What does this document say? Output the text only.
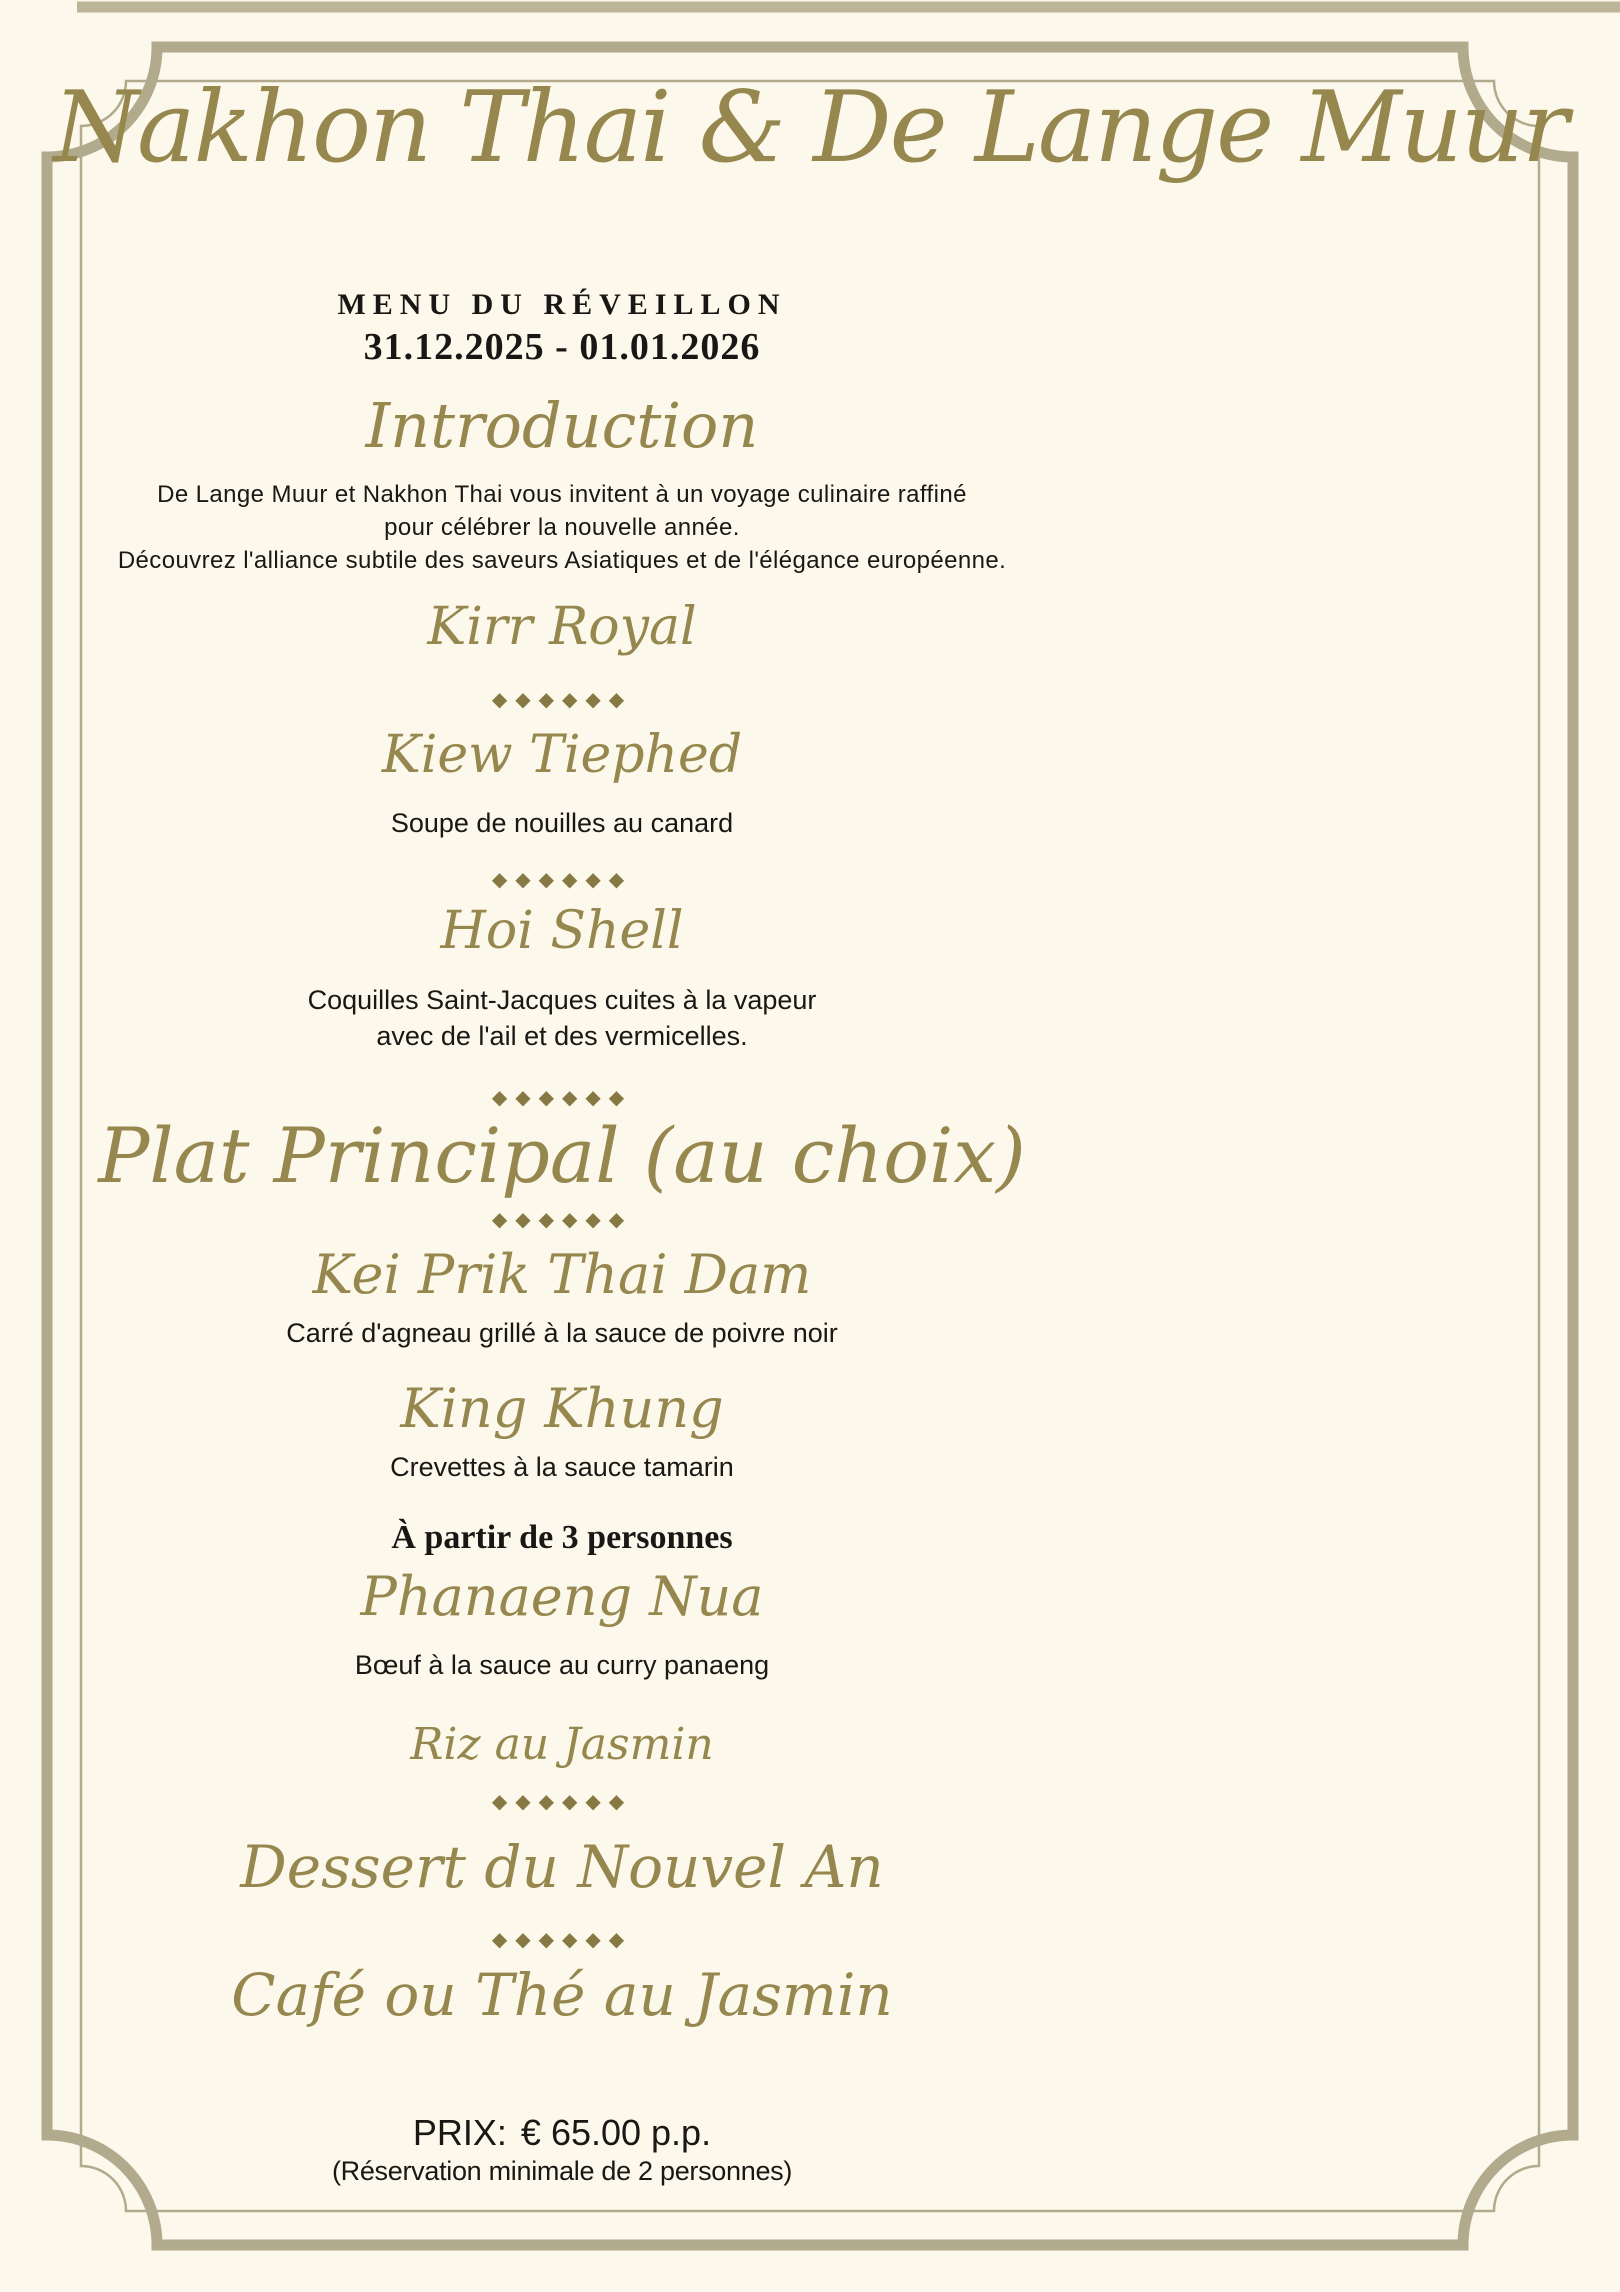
Nakhon Thai & De Lange Muur
MENU DU RÉVEILLON
31.12.2025 - 01.01.2026
Introduction
De Lange Muur et Nakhon Thai vous invitent à un voyage culinaire raffiné
pour célébrer la nouvelle année.
Découvrez l'alliance subtile des saveurs Asiatiques et de l'élégance européenne.
Kirr Royal
◆◆◆◆◆◆
Kiew Tiephed
Soupe de nouilles au canard
◆◆◆◆◆◆
Hoi Shell
Coquilles Saint-Jacques cuites à la vapeur
avec de l'ail et des vermicelles.
◆◆◆◆◆◆
Plat Principal (au choix)
◆◆◆◆◆◆
Kei Prik Thai Dam
Carré d'agneau grillé à la sauce de poivre noir
King Khung
Crevettes à la sauce tamarin
À partir de 3 personnes
Phanaeng Nua
Bœuf à la sauce au curry panaeng
Riz au Jasmin
◆◆◆◆◆◆
Dessert du Nouvel An
◆◆◆◆◆◆
Café ou Thé au Jasmin
PRIX: € 65.00 p.p.
(Réservation minimale de 2 personnes)
